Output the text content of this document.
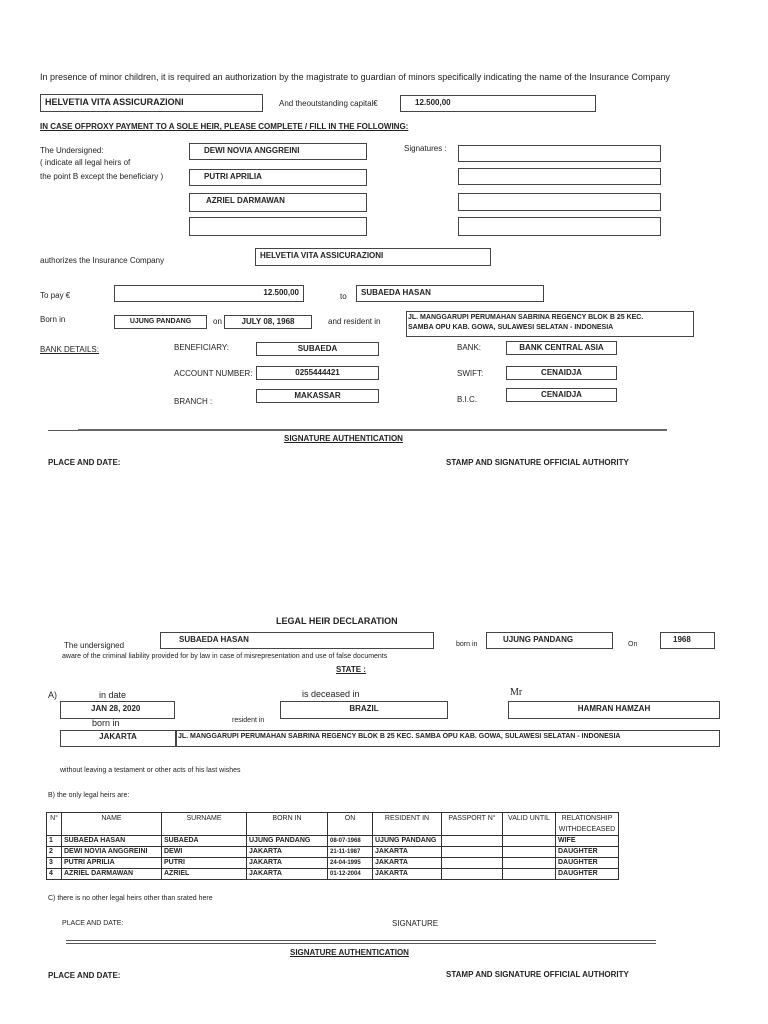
In presence of minor children, it is required an authorization by the magistrate to guardian of minors specifically indicating the name of the Insurance Company
HELVETIA VITA ASSICURAZIONI	And theoutstanding capital€	12.500,00
IN CASE OFPROXY PAYMENT TO A SOLE HEIR, PLEASE COMPLETE / FILL IN THE FOLLOWING:
The Undersigned:
( indicate all legal heirs of
the point B except the beneficiary )
DEWI NOVIA ANGGREINI
PUTRI APRILIA
AZRIEL DARMAWAN
Signatures :
authorizes the Insurance Company
HELVETIA VITA ASSICURAZIONI
To pay €	12.500,00	to	SUBAEDA HASAN
Born in	UJUNG PANDANG	on	JULY 08, 1968	and resident in	JL. MANGGARUPI PERUMAHAN SABRINA REGENCY BLOK B 25 KEC.
SAMBA OPU KAB. GOWA, SULAWESI SELATAN - INDONESIA
BANK DETAILS:	BENEFICIARY:	SUBAEDA
ACCOUNT NUMBER:	0255444421
BRANCH :
MAKASSAR
BANK:	BANK CENTRAL ASIA
SWIFT:	CENAIDJA
B.I.C.
CENAIDJA
SIGNATURE AUTHENTICATION
PLACE AND DATE:	STAMP AND SIGNATURE OFFICIAL AUTHORITY
LEGAL HEIR DECLARATION
The undersigned
SUBAEDA HASAN
born in
UJUNG PANDANG
On
1968
aware of the criminal liability provided for by law in case of misrepresentation and use of false documents
STATE :
A)	in date	is deceased in	Mr
JAN 28, 2020	BRAZIL	HAMRAN HAMZAH
born in	resident in
JAKARTA	JL. MANGGARUPI PERUMAHAN SABRINA REGENCY BLOK B 25 KEC. SAMBA OPU KAB. GOWA, SULAWESI SELATAN - INDONESIA
without leaving a testament or other acts of his last wishes
B) the only legal heirs are:
N°	NAME	SURNAME	BORN IN	ON	RESIDENT IN	PASSPORT N°	VALID UNTIL	RELATIONSHIP WITHDECEASED
1	SUBAEDA HASAN	SUBAEDA	UJUNG PANDANG	08-07-1968	UJUNG PANDANG			WIFE
2	DEWI NOVIA ANGGREINI	DEWI	JAKARTA	21-11-1987	JAKARTA			DAUGHTER
3	PUTRI APRILIA	PUTRI	JAKARTA	24-04-1995	JAKARTA			DAUGHTER
4	AZRIEL DARMAWAN	AZRIEL	JAKARTA	01-12-2004	JAKARTA			DAUGHTER
C) there is no other legal heirs other than srated here
PLACE AND DATE:	SIGNATURE
SIGNATURE AUTHENTICATION
PLACE AND DATE:	STAMP AND SIGNATURE OFFICIAL AUTHORITY
